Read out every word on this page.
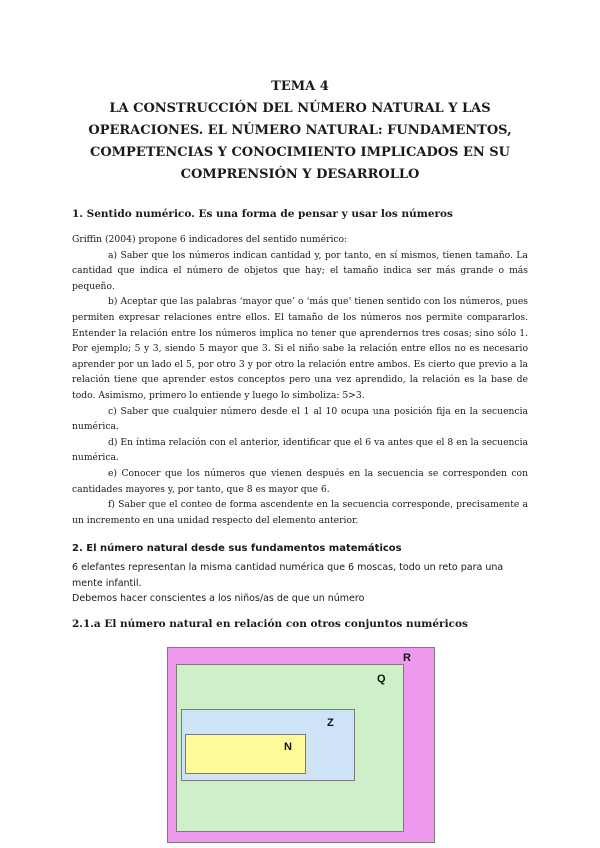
TEMA 4
LA CONSTRUCCIÓN DEL NÚMERO NATURAL Y LAS
OPERACIONES. EL NÚMERO NATURAL: FUNDAMENTOS,
COMPETENCIAS Y CONOCIMIENTO IMPLICADOS EN SU
COMPRENSIÓN Y DESARROLLO
1. Sentido numérico. Es una forma de pensar y usar los números

Griffin (2004) propone 6 indicadores del sentido numérico:

a) Saber que los números indican cantidad y, por tanto, en sí mismos, tienen tamaño. La cantidad que indica el número de objetos que hay; el tamaño indica ser más grande o más pequeño.

b) Aceptar que las palabras ‘mayor que’ o ‘más que’ tienen sentido con los números, pues permiten expresar relaciones entre ellos. El tamaño de los números nos permite compararlos. Entender la relación entre los números implica no tener que aprendernos tres cosas; sino sólo 1. Por ejemplo; 5 y 3, siendo 5 mayor que 3. Si el niño sabe la relación entre ellos no es necesario aprender por un lado el 5, por otro 3 y por otro la relación entre ambos. Es cierto que previo a la relación tiene que aprender estos conceptos pero una vez aprendido, la relación es la base de todo. Asimismo, primero lo entiende y luego lo simboliza: 5>3.

c) Saber que cualquier número desde el 1 al 10 ocupa una posición fija en la secuencia numérica.

d) En íntima relación con el anterior, identificar que el 6 va antes que el 8 en la secuencia numérica.

e) Conocer que los números que vienen después en la secuencia se corresponden con cantidades mayores y, por tanto, que 8 es mayor que 6.

f) Saber que el conteo de forma ascendente en la secuencia corresponde, precisamente a un incremento en una unidad respecto del elemento anterior.

2. El número natural desde sus fundamentos matemáticos
6 elefantes representan la misma cantidad numérica que 6 moscas, todo un reto para una mente infantil.
Debemos hacer conscientes a los niños/as de que un número
2.1.a El número natural en relación con otros conjuntos numéricos
R
Q
Z
N
